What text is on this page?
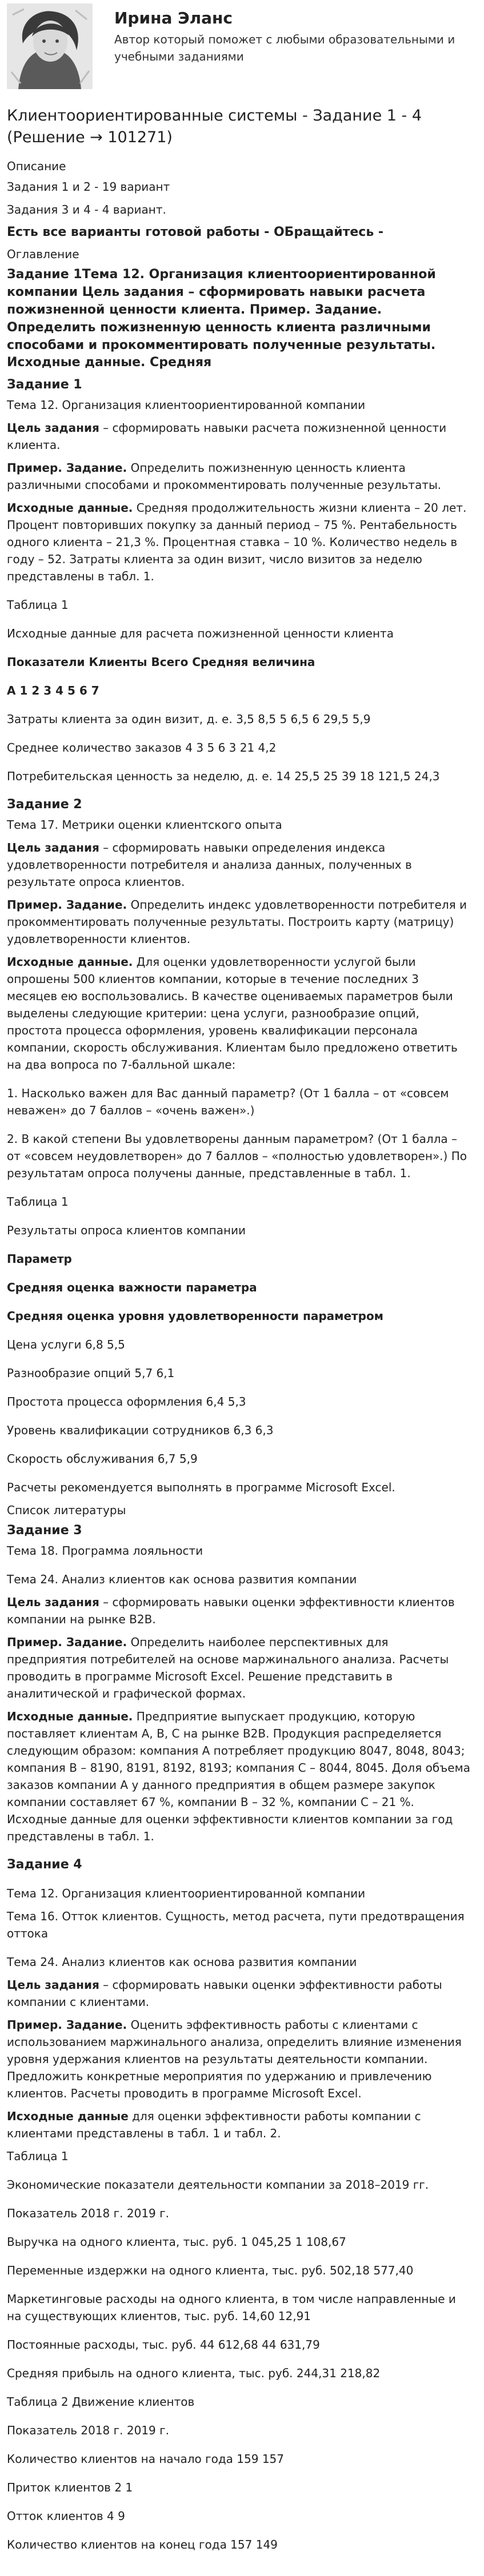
Ирина Эланс
Автор который поможет с любыми образовательными и учебными заданиями
Клиентоориентированные системы - Задание 1 - 4 (Решение → 101271)
Описание
Задания 1 и 2 - 19 вариант
Задания 3 и 4 - 4 вариант.
Есть все варианты готовой работы - ОБращайтесь -
Оглавление
Задание 1Тема 12. Организация клиентоориентированной компании Цель задания – сформировать навыки расчета пожизненной ценности клиента. Пример. Задание. Определить пожизненную ценность клиента различными способами и прокомментировать полученные результаты. Исходные данные. Средняя
Задание 1
Тема 12. Организация клиентоориентированной компании
Цель задания – сформировать навыки расчета пожизненной ценности клиента.
Пример. Задание. Определить пожизненную ценность клиента различными способами и прокомментировать полученные результаты.
Исходные данные. Средняя продолжительность жизни клиента – 20 лет. Процент повторивших покупку за данный период – 75 %. Рентабельность одного клиента – 21,3 %. Процентная ставка – 10 %. Количество недель в году – 52. Затраты клиента за один визит, число визитов за неделю представлены в табл. 1.
Таблица 1
Исходные данные для расчета пожизненной ценности клиента
Показатели Клиенты Всего Средняя величина
А 1 2 3 4 5 6 7
Затраты клиента за один визит, д. е. 3,5 8,5 5 6,5 6 29,5 5,9
Среднее количество заказов 4 3 5 6 3 21 4,2
Потребительская ценность за неделю, д. е. 14 25,5 25 39 18 121,5 24,3
Задание 2
Тема 17. Метрики оценки клиентского опыта
Цель задания – сформировать навыки определения индекса удовлетворенности потребителя и анализа данных, полученных в результате опроса клиентов.
Пример. Задание. Определить индекс удовлетворенности потребителя и прокомментировать полученные результаты. Построить карту (матрицу) удовлетворенности клиентов.
Исходные данные. Для оценки удовлетворенности услугой были опрошены 500 клиентов компании, которые в течение последних 3 месяцев ею воспользовались. В качестве оцениваемых параметров были выделены следующие критерии: цена услуги, разнообразие опций, простота процесса оформления, уровень квалификации персонала компании, скорость обслуживания. Клиентам было предложено ответить на два вопроса по 7-балльной шкале:
1. Насколько важен для Вас данный параметр? (От 1 балла – от «совсем неважен» до 7 баллов – «очень важен».)
2. В какой степени Вы удовлетворены данным параметром? (От 1 балла – от «совсем неудовлетворен» до 7 баллов – «полностью удовлетворен».) По результатам опроса получены данные, представленные в табл. 1.
Таблица 1
Результаты опроса клиентов компании
Параметр
Средняя оценка важности параметра
Средняя оценка уровня удовлетворенности параметром
Цена услуги 6,8 5,5
Разнообразие опций 5,7 6,1
Простота процесса оформления 6,4 5,3
Уровень квалификации сотрудников 6,3 6,3
Скорость обслуживания 6,7 5,9
Расчеты рекомендуется выполнять в программе Microsoft Excel.
Список литературы
Задание 3
Тема 18. Программа лояльности
Тема 24. Анализ клиентов как основа развития компании
Цель задания – сформировать навыки оценки эффективности клиентов компании на рынке B2B.
Пример. Задание. Определить наиболее перспективных для предприятия потребителей на основе маржинального анализа. Расчеты проводить в программе Microsoft Excel. Решение представить в аналитической и графической формах.
Исходные данные. Предприятие выпускает продукцию, которую поставляет клиентам А, В, С на рынке В2В. Продукция распределяется следующим образом: компания А потребляет продукцию 8047, 8048, 8043; компания В – 8190, 8191, 8192, 8193; компания С – 8044, 8045. Доля объема заказов компании А у данного предприятия в общем размере закупок компании составляет 67 %, компании В – 32 %, компании С – 21 %. Исходные данные для оценки эффективности клиентов компании за год представлены в табл. 1.
Задание 4
Тема 12. Организация клиентоориентированной компании
Тема 16. Отток клиентов. Сущность, метод расчета, пути предотвращения оттока
Тема 24. Анализ клиентов как основа развития компании
Цель задания – сформировать навыки оценки эффективности работы компании с клиентами.
Пример. Задание. Оценить эффективность работы с клиентами с использованием маржинального анализа, определить влияние изменения уровня удержания клиентов на результаты деятельности компании. Предложить конкретные мероприятия по удержанию и привлечению клиентов. Расчеты проводить в программе Microsoft Excel.
Исходные данные для оценки эффективности работы компании с клиентами представлены в табл. 1 и табл. 2.
Таблица 1
Экономические показатели деятельности компании за 2018–2019 гг.
Показатель 2018 г. 2019 г.
Выручка на одного клиента, тыс. руб. 1 045,25 1 108,67
Переменные издержки на одного клиента, тыс. руб. 502,18 577,40
Маркетинговые расходы на одного клиента, в том числе направленные и на существующих клиентов, тыс. руб. 14,60 12,91
Постоянные расходы, тыс. руб. 44 612,68 44 631,79
Средняя прибыль на одного клиента, тыс. руб. 244,31 218,82
Таблица 2 Движение клиентов
Показатель 2018 г. 2019 г.
Количество клиентов на начало года 159 157
Приток клиентов 2 1
Отток клиентов 4 9
Количество клиентов на конец года 157 149
